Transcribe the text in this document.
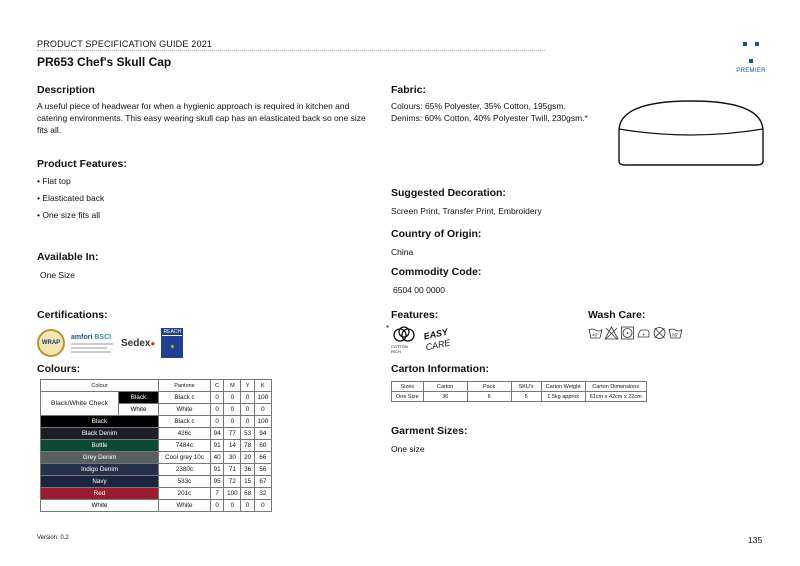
PRODUCT SPECIFICATION GUIDE 2021
PR653 Chef's Skull Cap
PREMIER
Description
A useful piece of headwear for when a hygienic approach is required in kitchen and catering environments. This easy wearing skull cap has an elasticated back so one size fits all.
Product Features:
• Flat top
• Elasticated back
• One size fits all
Available In:
One Size
Certifications:
WRAP
amfori BSCI
Sedex ●
REACH
✶
Colours:
Colour		Pantone	C	M	Y	K
Black/White Check	Black	Black c	0	0	0	100
	White	White	0	0	0	0
Black		Black c	0	0	0	100
Black Denim		426c	94	77	53	94
Bottle		7484c	91	14	78	60
Grey Denim		Cool grey 10c	40	30	20	66
Indigo Denim		2380c	91	71	36	56
Navy		533c	95	72	15	67
Red		201c	7	100	68	32
White		White	0	0	0	0
Fabric:
Colours: 65% Polyester, 35% Cotton, 195gsm.
Denims: 60% Cotton, 40% Polyester Twill, 230gsm.*
Suggested Decoration:
Screen Print, Transfer Print, Embroidery
Country of Origin:
China
Commodity Code:
6504 00 0000
Features:
*
COTTON RICH
EASY
CARE
Wash Care:
40°	85°
Carton Information:
Sizes	Carton	Pack	SKU's	Carton Weight	Carton Dimensions
One Size	36	6	5	1.5kg approx	61cm x 42cm x 22cm
Garment Sizes:
One size
Version: 0.2	135
